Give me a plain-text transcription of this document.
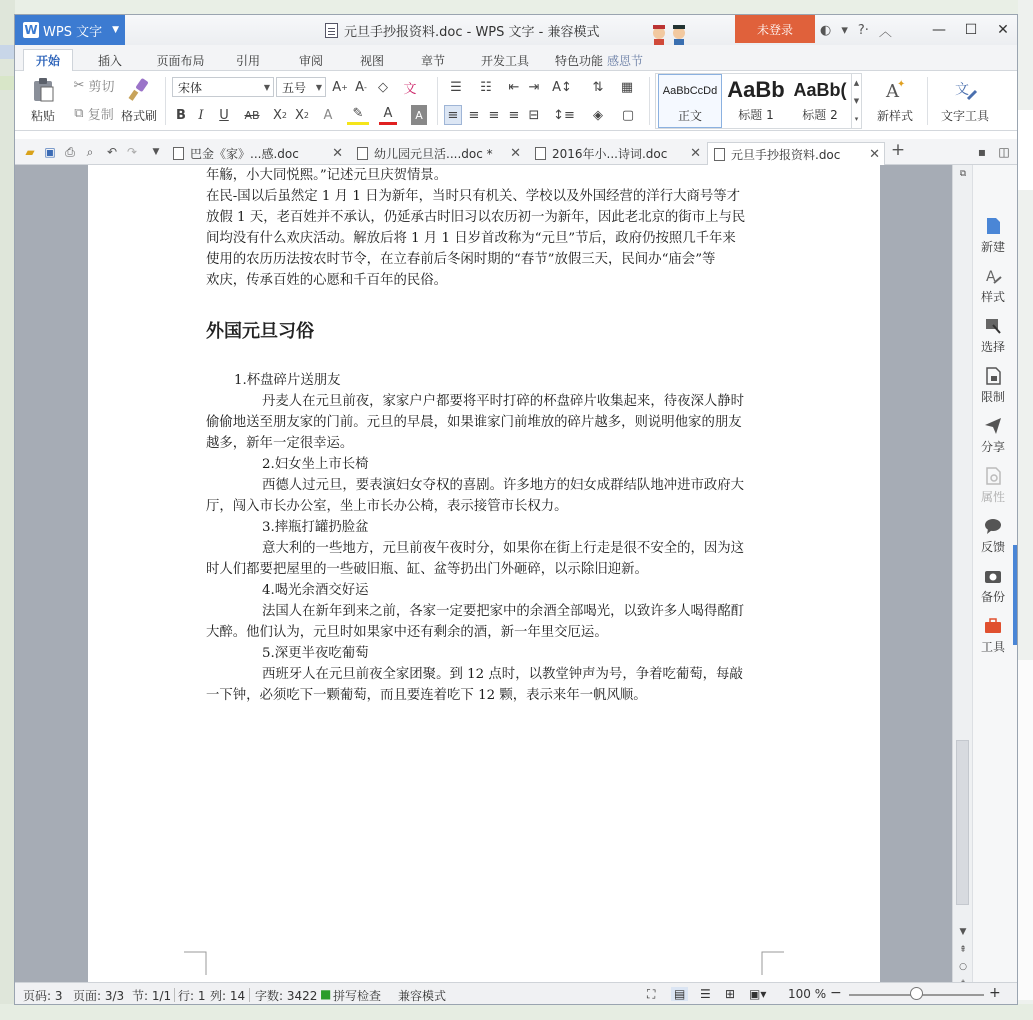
W WPS 文字 ▼	元旦手抄报资料.doc - WPS 文字 - 兼容模式	未登录	◐ ▾ ?· ︿	—	☐	✕
开始	插入	页面布局	引用	审阅	视图	章节	开发工具	特色功能 感恩节
粘贴
✂
剪切
⧉
复制 格式刷
宋体	▼ 五号 ▼ A + A - ◇	文
B I	U	AB	X 2 X 2	A	✎	A	A
☰	☷	⇤ ⇥ A↕	⇅	▦
≡ ≡ ≡ ≡ ⊟ ↕≡	◈	▢
AaBbCcDd
正文
AaBb
标题 1
AaBb(
标题 2
▲
▼
▾
A
✦
新样式
文
文字工具
▰ ▣ ⎙ ⌕	↶ ↷	▼	巴金《家》...感.doc	✕	幼儿园元旦活....doc * ✕	2016年小...诗词.doc ✕	元旦手抄报资料.doc ✕ +	▪ ◫
年觞，小大同悦熙。”记述元旦庆贺情景。
在民-国以后虽然定 1 月 1 日为新年，当时只有机关、学校以及外国经营的洋行大商号等才
放假 1 天，老百姓并不承认，仍延承古时旧习以农历初一为新年，因此老北京的街市上与民
间均没有什么欢庆活动。解放后将 1 月 1 日岁首改称为“元旦”节后，政府仍按照几千年来
使用的农历历法按农时节令，在立春前后冬闲时期的“春节”放假三天，民间办“庙会”等
欢庆，传承百姓的心愿和千百年的民俗。
外国元旦习俗
1.杯盘碎片送朋友
丹麦人在元旦前夜，家家户户都要将平时打碎的杯盘碎片收集起来，待夜深人静时
偷偷地送至朋友家的门前。元旦的早晨，如果谁家门前堆放的碎片越多，则说明他家的朋友
越多，新年一定很幸运。
2.妇女坐上市长椅
西德人过元旦，要表演妇女夺权的喜剧。许多地方的妇女成群结队地冲进市政府大
厅，闯入市长办公室，坐上市长办公椅，表示接管市长权力。
3.摔瓶打罐扔脸盆
意大利的一些地方，元旦前夜午夜时分，如果你在街上行走是很不安全的，因为这
时人们都要把屋里的一些破旧瓶、缸、盆等扔出门外砸碎，以示除旧迎新。
4.喝光余酒交好运
法国人在新年到来之前，各家一定要把家中的余酒全部喝光，以致许多人喝得酩酊
大醉。他们认为，元旦时如果家中还有剩余的酒，新一年里交厄运。
5.深更半夜吃葡萄
西班牙人在元旦前夜全家团聚。到 12 点时，以教堂钟声为号，争着吃葡萄，每敲
一下钟，必须吃下一颗葡萄，而且要连着吃下 12 颗，表示来年一帆风顺。
⧉
▼
⇞
○
新建
A
样式
选择
限制
分享
属性
反馈
备份
工具
页码: 3 页面: 3/3 节: 1/1 行: 1 列: 14 字数: 3422 ■ 拼写检查 兼容模式	⛶ ▤ ☰ ⊞ ▣▾ 100 % −	+
